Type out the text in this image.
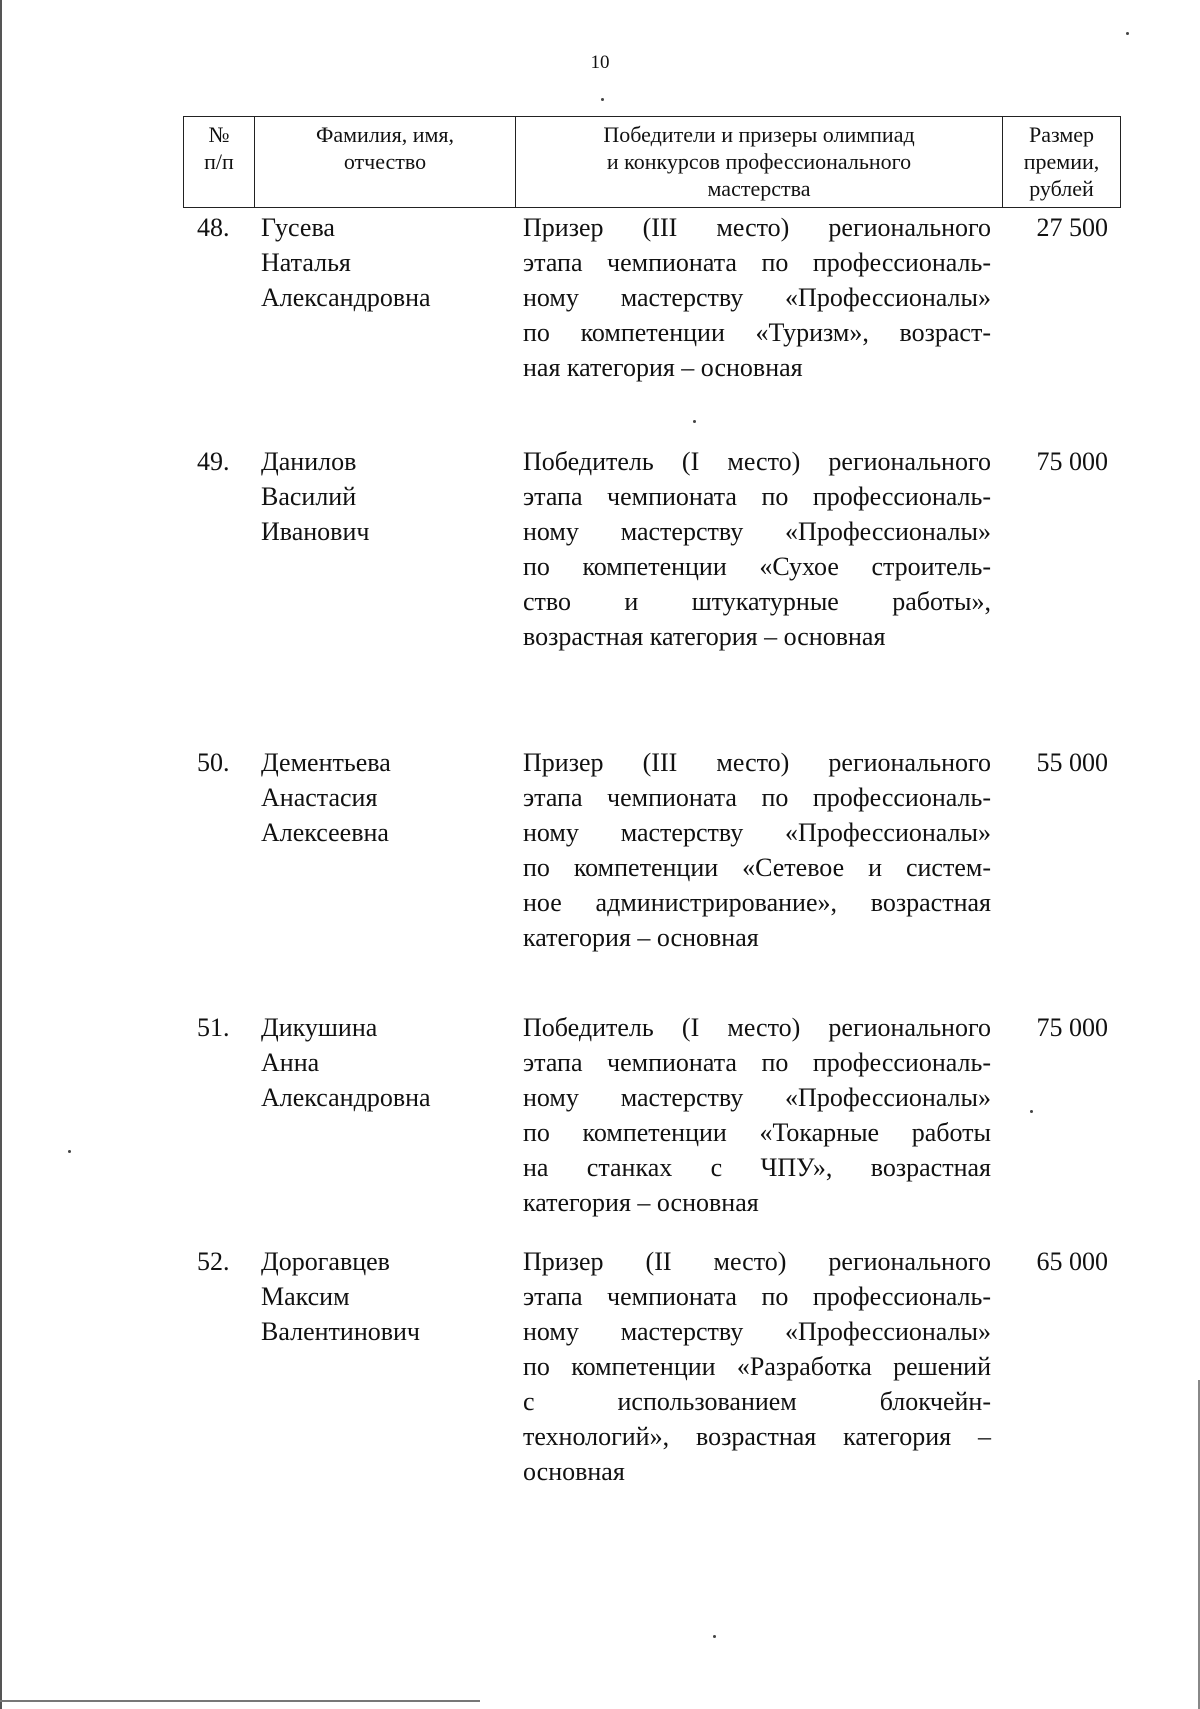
10
№
п/п
Фамилия, имя,
отчество
Победители и призеры олимпиад
и конкурсов профессионального
мастерства
Размер
премии,
рублей
48. Гусева
Наталья
Александровна
Призер (III место) регионального
этапа чемпионата по профессиональ-
ному мастерству «Профессионалы»
по компетенции «Туризм», возраст-
ная категория – основная
27 500
49. Данилов
Василий
Иванович
Победитель (I место) регионального
этапа чемпионата по профессиональ-
ному мастерству «Профессионалы»
по компетенции «Сухое строитель-
ство и штукатурные работы»,
возрастная категория – основная
75 000
50. Дементьева
Анастасия
Алексеевна
Призер (III место) регионального
этапа чемпионата по профессиональ-
ному мастерству «Профессионалы»
по компетенции «Сетевое и систем-
ное администрирование», возрастная
категория – основная
55 000
51. Дикушина
Анна
Александровна
Победитель (I место) регионального
этапа чемпионата по профессиональ-
ному мастерству «Профессионалы»
по компетенции «Токарные работы
на станках с ЧПУ», возрастная
категория – основная
75 000
52. Дорогавцев
Максим
Валентинович
Призер (II место) регионального
этапа чемпионата по профессиональ-
ному мастерству «Профессионалы»
по компетенции «Разработка решений
с использованием блокчейн-
технологий», возрастная категория –
основная
65 000
